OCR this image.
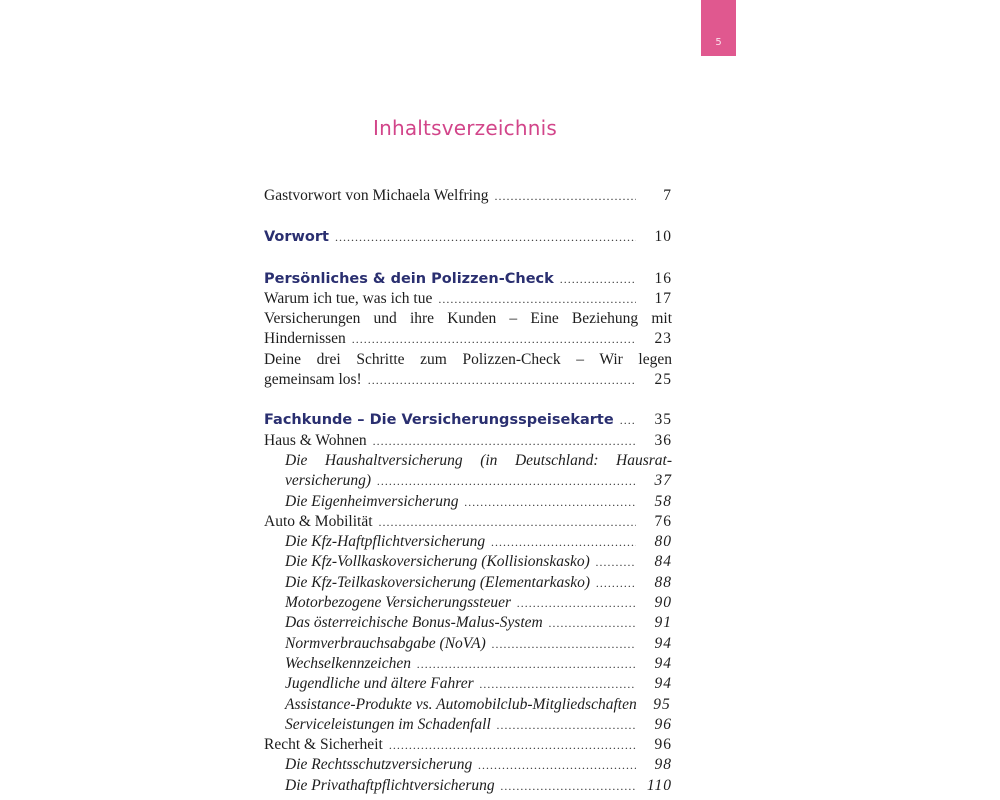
5
Inhaltsverzeichnis
Gastvorwort von Michaela Welfring .....	7
Vorwort .....	10
Persönliches & dein Polizzen-Check .....	16
Warum ich tue, was ich tue .....	17
Versicherungen und ihre Kunden – Eine Beziehung mit
Hindernissen .....	23
Deine drei Schritte zum Polizzen-Check – Wir legen
gemeinsam los! .....	25
Fachkunde – Die Versicherungsspeisekarte .....	35
Haus & Wohnen .....	36
Die Haushaltversicherung (in Deutschland: Hausrat-
versicherung) .....	37
Die Eigenheimversicherung .....	58
Auto & Mobilität .....	76
Die Kfz-Haftpflichtversicherung .....	80
Die Kfz-Vollkaskoversicherung (Kollisionskasko) .....	84
Die Kfz-Teilkaskoversicherung (Elementarkasko) .....	88
Motorbezogene Versicherungssteuer .....	90
Das österreichische Bonus-Malus-System .....	91
Normverbrauchsabgabe (NoVA) .....	94
Wechselkennzeichen .....	94
Jugendliche und ältere Fahrer .....	94
Assistance-Produkte vs. Automobilclub-Mitgliedschaften	95
Serviceleistungen im Schadenfall .....	96
Recht & Sicherheit .....	96
Die Rechtsschutzversicherung .....	98
Die Privathaftpflichtversicherung .....	110
